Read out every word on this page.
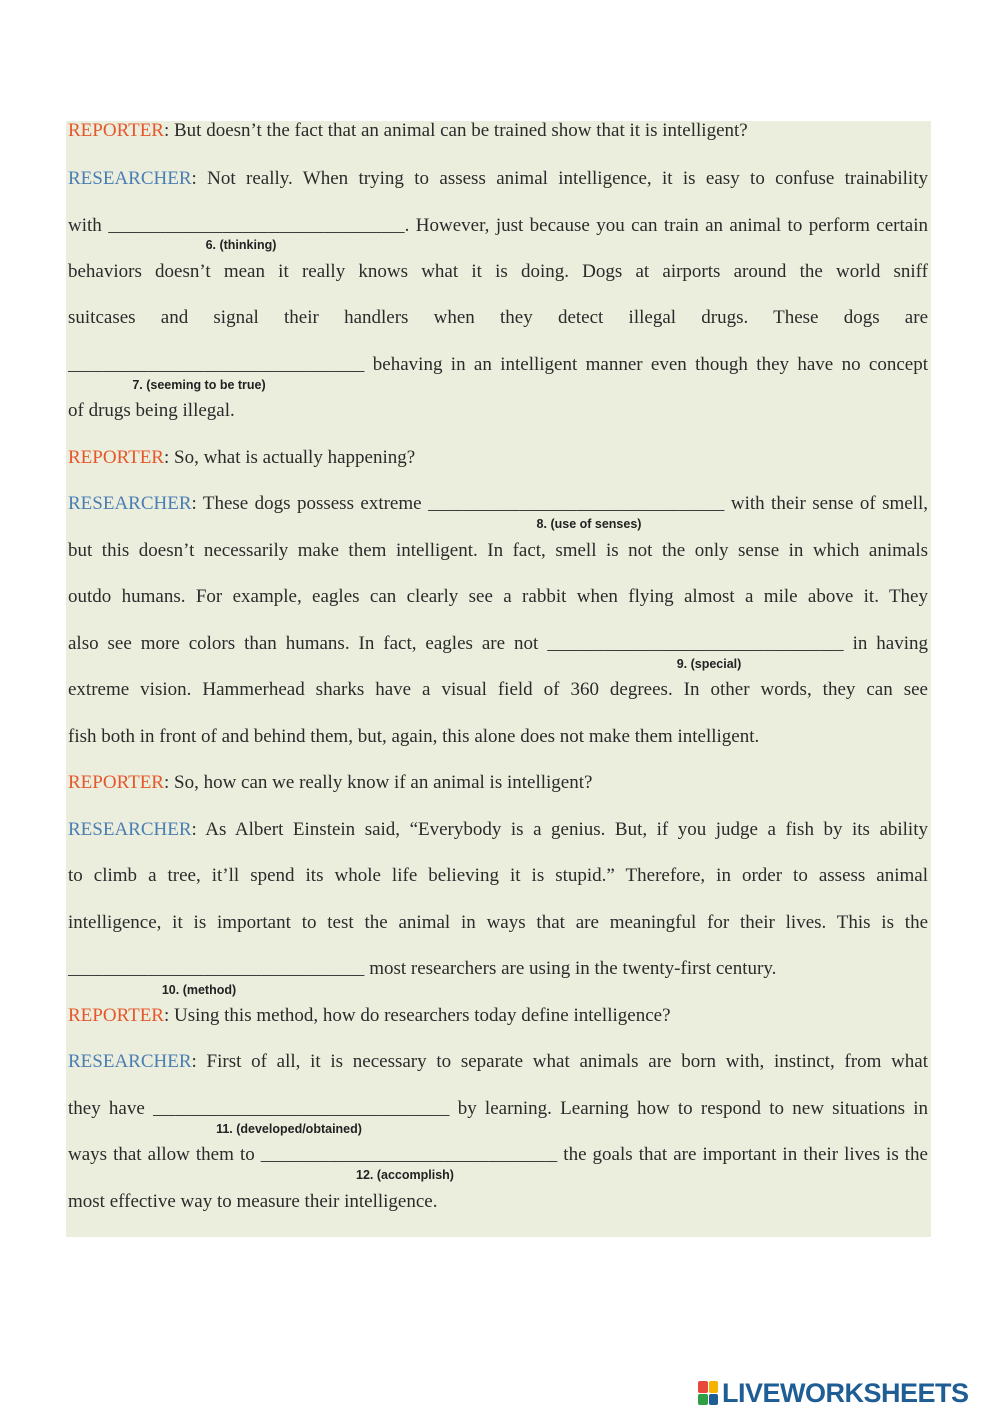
REPORTER: But doesn’t the fact that an animal can be trained show that it is intelligent?
RESEARCHER: Not really. When trying to assess animal intelligence, it is easy to confuse trainability
with __________________________. However, just because you can train an animal to perform certain
6. (thinking)
behaviors doesn’t mean it really knows what it is doing. Dogs at airports around the world sniff
suitcases and signal their handlers when they detect illegal drugs. These dogs are
__________________________ behaving in an intelligent manner even though they have no concept
7. (seeming to be true)
of drugs being illegal.
REPORTER: So, what is actually happening?
RESEARCHER: These dogs possess extreme __________________________ with their sense of smell,
8. (use of senses)
but this doesn’t necessarily make them intelligent. In fact, smell is not the only sense in which animals
outdo humans. For example, eagles can clearly see a rabbit when flying almost a mile above it. They
also see more colors than humans. In fact, eagles are not __________________________ in having
9. (special)
extreme vision. Hammerhead sharks have a visual field of 360 degrees. In other words, they can see
fish both in front of and behind them, but, again, this alone does not make them intelligent.
REPORTER: So, how can we really know if an animal is intelligent?
RESEARCHER: As Albert Einstein said, “Everybody is a genius. But, if you judge a fish by its ability
to climb a tree, it’ll spend its whole life believing it is stupid.” Therefore, in order to assess animal
intelligence, it is important to test the animal in ways that are meaningful for their lives. This is the
__________________________ most researchers are using in the twenty-first century.
10. (method)
REPORTER: Using this method, how do researchers today define intelligence?
RESEARCHER: First of all, it is necessary to separate what animals are born with, instinct, from what
they have __________________________ by learning. Learning how to respond to new situations in
11. (developed/obtained)
ways that allow them to __________________________ the goals that are important in their lives is the
12. (accomplish)
most effective way to measure their intelligence.
LIVEWORKSHEETS
